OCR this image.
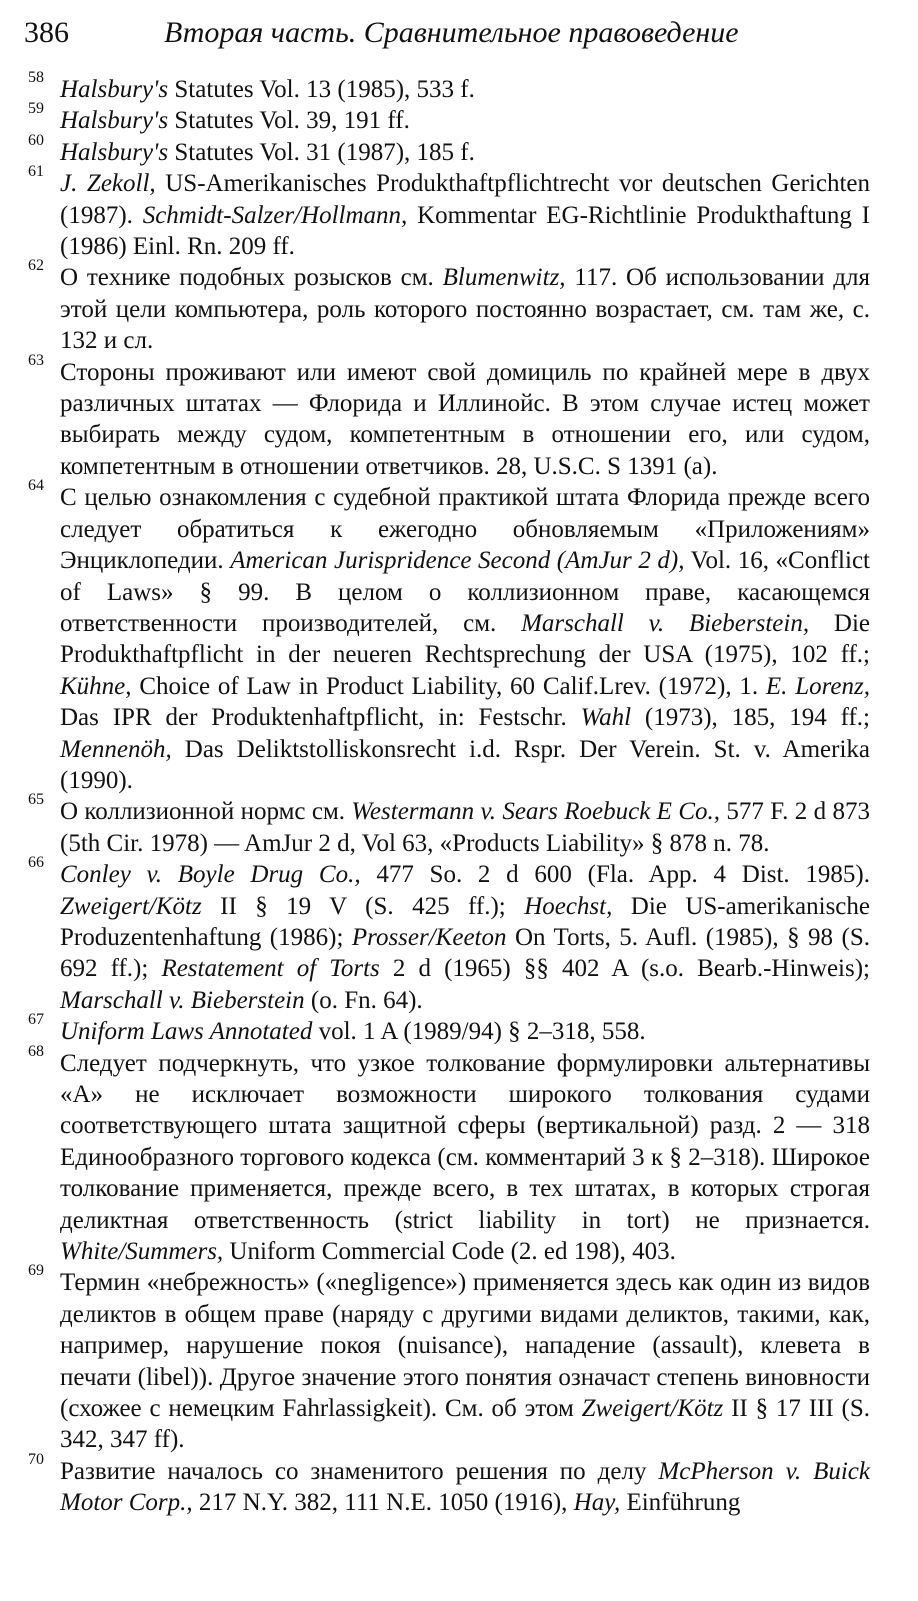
386	Вторая часть. Сравнительное правоведение

58 Halsbury's Statutes Vol. 13 (1985), 533 f.

59 Halsbury's Statutes Vol. 39, 191 ff.

60 Halsbury's Statutes Vol. 31 (1987), 185 f.

61 J. Zekoll, US-Amerikanisches Produkthaftpflichtrecht vor deutschen Gerichten (1987). Schmidt-Salzer/Hollmann, Kommentar EG-Richtlinie Produkthaftung I (1986) Einl. Rn. 209 ff.

62 О технике подобных розысков см. Blumenwitz, 117. Об использовании для этой цели компьютера, роль которого постоянно возрастает, см. там же, с. 132 и сл.

63 Стороны проживают или имеют свой домициль по крайней мере в двух различных штатах — Флорида и Иллинойс. В этом случае истец может выбирать между судом, компетентным в отношении его, или судом, компетентным в отношении ответчиков. 28, U.S.C. S 1391 (a).

64 С целью ознакомления с судебной практикой штата Флорида прежде всего следует обратиться к ежегодно обновляемым «Приложениям» Энциклопедии. American Jurispridence Second (AmJur 2 d), Vol. 16, «Conflict of Laws» § 99. В целом о коллизионном праве, касающемся ответственности производителей, см. Marschall v. Bieberstein, Die Produkthaftpflicht in der neueren Rechtsprechung der USA (1975), 102 ff.; Kühne, Choice of Law in Product Liability, 60 Calif.Lrev. (1972), 1. E. Lorenz, Das IPR der Produktenhaftpflicht, in: Festschr. Wahl (1973), 185, 194 ff.; Mennenöh, Das Deliktstolliskonsrecht i.d. Rspr. Der Verein. St. v. Amerika (1990).

65 О коллизионной нормс см. Westermann v. Sears Roebuck E Co., 577 F. 2 d 873 (5th Cir. 1978) — AmJur 2 d, Vol 63, «Products Liability» § 878 n. 78.

66 Conley v. Boyle Drug Co., 477 So. 2 d 600 (Fla. App. 4 Dist. 1985). Zweigert/Kötz II § 19 V (S. 425 ff.); Hoechst, Die US-amerikanische Produzentenhaftung (1986); Prosser/Keeton On Torts, 5. Aufl. (1985), § 98 (S. 692 ff.); Restatement of Torts 2 d (1965) §§ 402 A (s.o. Bearb.-Hinweis); Marschall v. Bieberstein (o. Fn. 64).

67 Uniform Laws Annotated vol. 1 A (1989/94) § 2–318, 558.

68 Следует подчеркнуть, что узкое толкование формулировки альтернативы «А» не исключает возможности широкого толкования судами соответствующего штата защитной сферы (вертикальной) разд. 2 — 318 Единообразного торгового кодекса (см. комментарий 3 к § 2–318). Широкое толкование применяется, прежде всего, в тех штатах, в которых строгая деликтная ответственность (strict liability in tort) не признается. White/Summers, Uniform Commercial Code (2. ed 198), 403.

69 Термин «небрежность» («negligence») применяется здесь как один из видов деликтов в общем праве (наряду с другими видами деликтов, такими, как, например, нарушение покоя (nuisance), нападение (assault), клевета в печати (libel)). Другое значение этого понятия означаст степень виновности (схожее с немецким Fahrlassigkeit). См. об этом Zweigert/Kötz II § 17 III (S. 342, 347 ff).

70 Развитие началось со знаменитого решения по делу McPherson v. Buick Motor Corp., 217 N.Y. 382, 111 N.E. 1050 (1916), Hay, Einführung
